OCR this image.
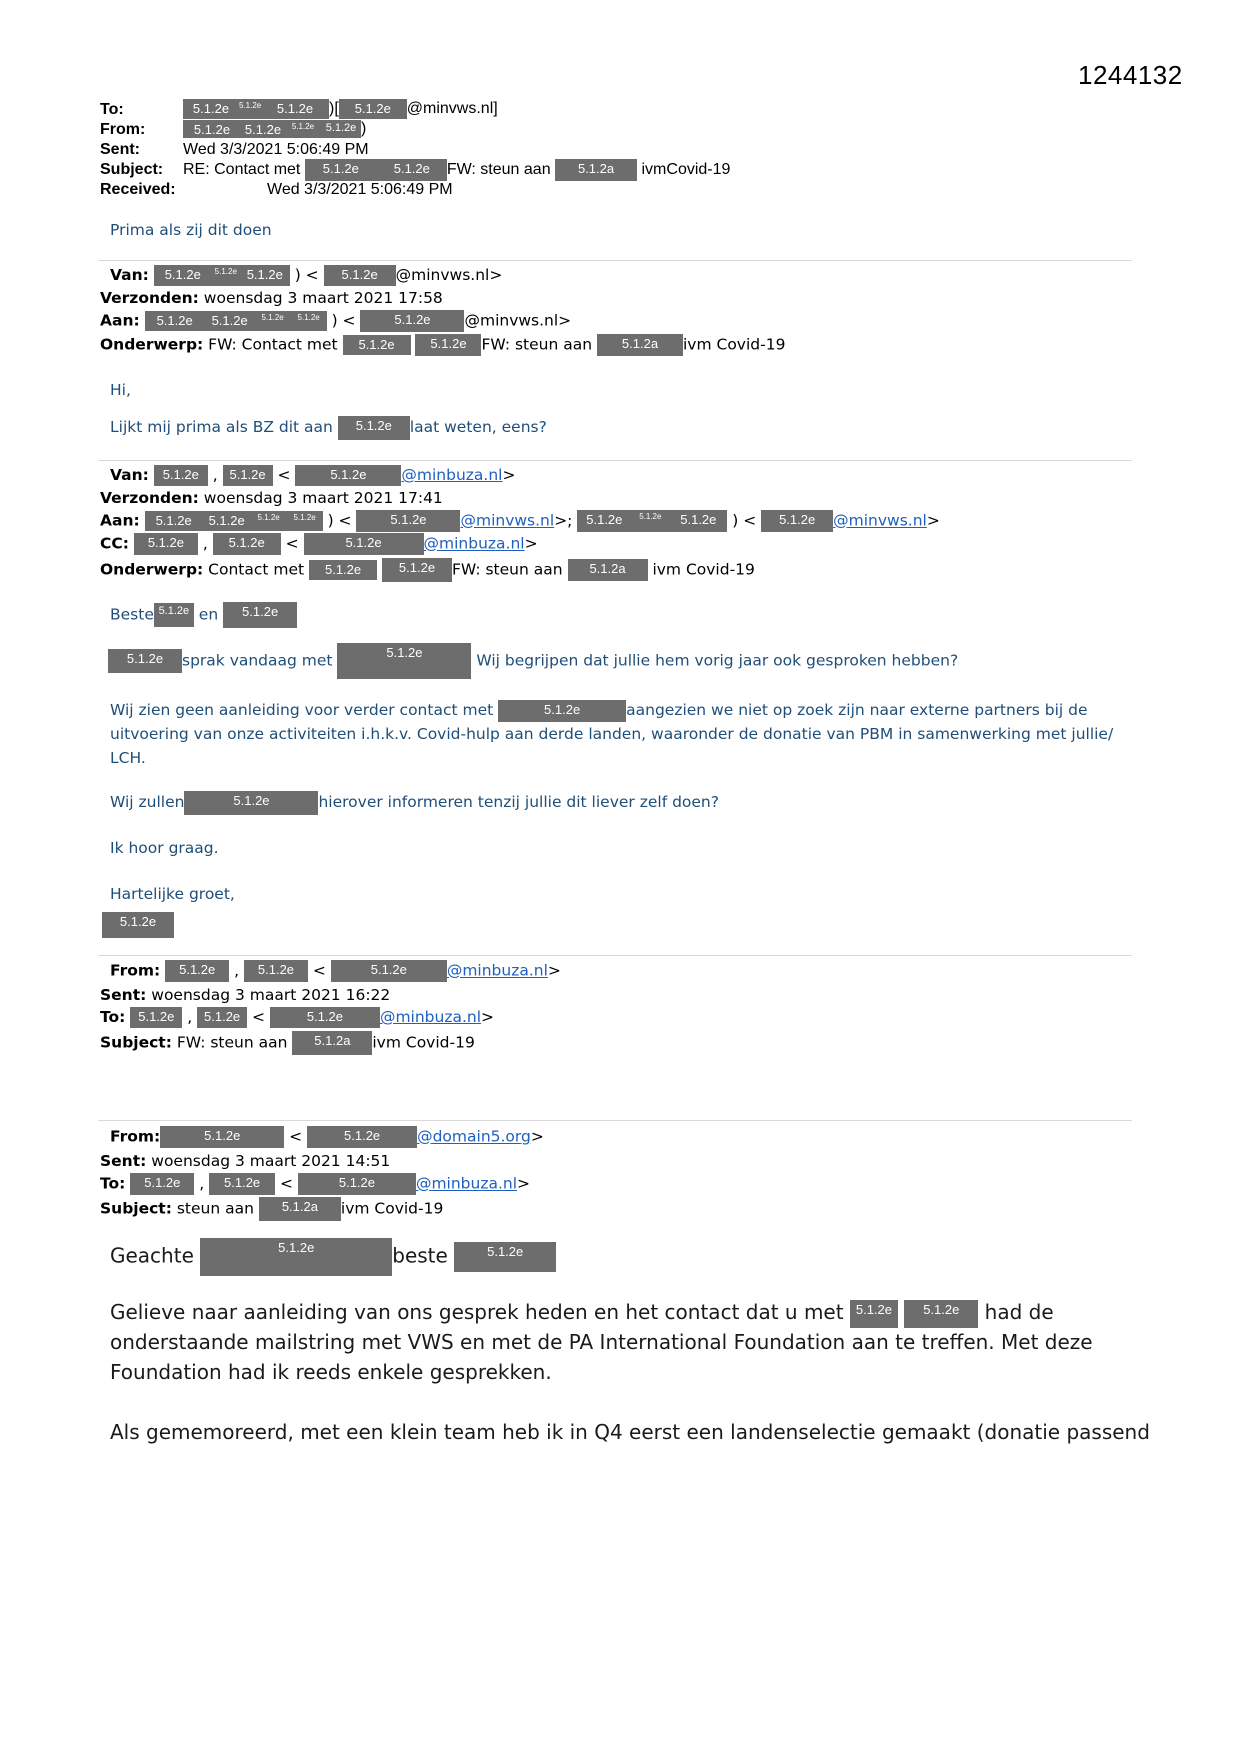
1244132
To:	5.1.2e 5.1.2e 5.1.2e )[ 5.1.2e @minvws.nl]
From:	5.1.2e 5.1.2e 5.1.2e 5.1.2e )
Sent:	Wed 3/3/2021 5:06:49 PM
Subject: RE: Contact met 5.1.2e	5.1.2e FW: steun aan 5.1.2a ivmCovid-19
Received:	Wed 3/3/2021 5:06:49 PM
Prima als zij dit doen
Van: 5.1.2e 5.1.2e 5.1.2e ) < 5.1.2e @minvws.nl>
Verzonden: woensdag 3 maart 2021 17:58
Aan: 5.1.2e 5.1.2e 5.1.2e 5.1.2e ) <	5.1.2e @minvws.nl>
Onderwerp: FW: Contact met 5.1.2e	5.1.2e FW: steun aan 5.1.2a ivm Covid-19
Hi,
Lijkt mij prima als BZ dit aan 5.1.2e laat weten, eens?
Van: 5.1.2e , 5.1.2e <	5.1.2e @minbuza.nl>
Verzonden: woensdag 3 maart 2021 17:41
Aan: 5.1.2e 5.1.2e 5.1.2e 5.1.2e ) <	5.1.2e @minvws.nl>; 5.1.2e 5.1.2e 5.1.2e ) < 5.1.2e @minvws.nl>
CC: 5.1.2e , 5.1.2e <	5.1.2e	@minbuza.nl>
Onderwerp: Contact met 5.1.2e	5.1.2e FW: steun aan 5.1.2a ivm Covid-19
Beste 5.1.2e en 5.1.2e
5.1.2e sprak vandaag met	5.1.2e	Wij begrijpen dat jullie hem vorig jaar ook gesproken hebben?
Wij zien geen aanleiding voor verder contact met	5.1.2e	aangezien we niet op zoek zijn naar externe partners bij de
uitvoering van onze activiteiten i.h.k.v. Covid-hulp aan derde landen, waaronder de donatie van PBM in samenwerking met jullie/
LCH.
Wij zullen	5.1.2e	hierover informeren tenzij jullie dit liever zelf doen?
Ik hoor graag.
Hartelijke groet,
5.1.2e
From: 5.1.2e , 5.1.2e <	5.1.2e	@minbuza.nl>
Sent: woensdag 3 maart 2021 16:22
To: 5.1.2e , 5.1.2e <	5.1.2e @minbuza.nl>
Subject: FW: steun aan 5.1.2a ivm Covid-19
From:	5.1.2e	<	5.1.2e @domain5.org>
Sent: woensdag 3 maart 2021 14:51
To: 5.1.2e , 5.1.2e <	5.1.2e	@minbuza.nl>
Subject: steun aan 5.1.2a ivm Covid-19
Geachte	5.1.2e	beste	5.1.2e
Gelieve naar aanleiding van ons gesprek heden en het contact dat u met 5.1.2e 5.1.2e had de
onderstaande mailstring met VWS en met de PA International Foundation aan te treffen. Met deze
Foundation had ik reeds enkele gesprekken.
Als gememoreerd, met een klein team heb ik in Q4 eerst een landenselectie gemaakt (donatie passend
